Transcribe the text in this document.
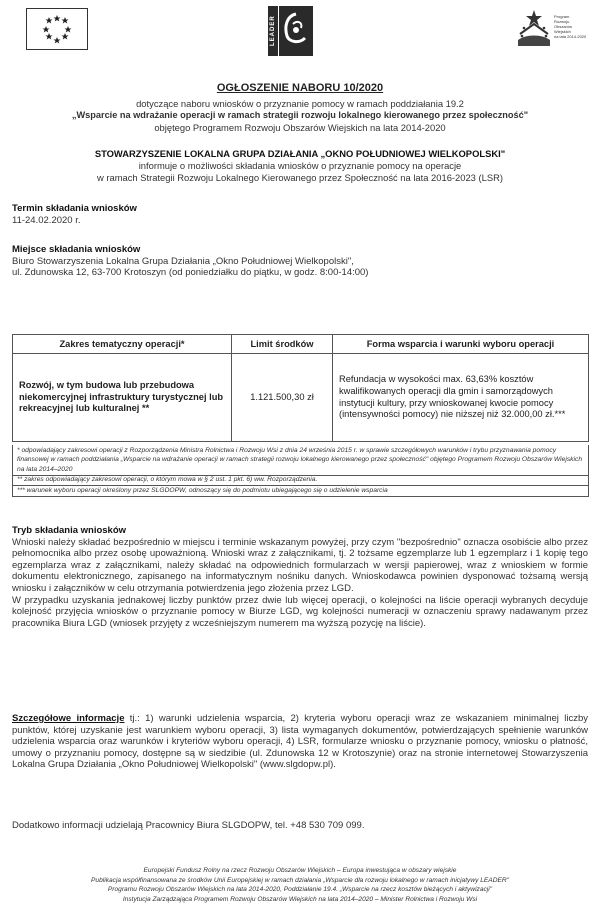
LEADER	Program
Rozwoju
Obszarów
Wiejskich
na lata 2014-2020
OGŁOSZENIE NABORU 10/2020
dotyczące naboru wniosków o przyznanie pomocy w ramach poddziałania 19.2
„Wsparcie na wdrażanie operacji w ramach strategii rozwoju lokalnego kierowanego przez społeczność"
objętego Programem Rozwoju Obszarów Wiejskich na lata 2014-2020
STOWARZYSZENIE LOKALNA GRUPA DZIAŁANIA „OKNO POŁUDNIOWEJ WIELKOPOLSKI"
informuje o możliwości składania wniosków o przyznanie pomocy na operacje
w ramach Strategii Rozwoju Lokalnego Kierowanego przez Społeczność na lata 2016-2023 (LSR)
Termin składania wniosków
11-24.02.2020 r.
Miejsce składania wniosków
Biuro Stowarzyszenia Lokalna Grupa Działania „Okno Południowej Wielkopolski",
ul. Zdunowska 12, 63-700 Krotoszyn (od poniedziałku do piątku, w godz. 8:00-14:00)
Zakres tematyczny operacji*	Limit środków	Forma wsparcia i warunki wyboru operacji
Rozwój, w tym budowa lub przebudowa niekomercyjnej infrastruktury turystycznej lub rekreacyjnej lub kulturalnej **	1.121.500,30 zł	Refundacja w wysokości max. 63,63% kosztów kwalifikowanych operacji dla gmin i samorządowych instytucji kultury, przy wnioskowanej kwocie pomocy (intensywności pomocy) nie niższej niż 32.000,00 zł.***
* odpowiadający zakresowi operacji z Rozporządzenia Ministra Rolnictwa i Rozwoju Wsi z dnia 24 września 2015 r. w sprawie szczegółowych warunków i trybu przyznawania pomocy finansowej w ramach poddziałania „Wsparcie na wdrażanie operacji w ramach strategii rozwoju lokalnego kierowanego przez społeczność" objętego Programem Rozwoju Obszarów Wiejskich na lata 2014–2020
** zakres odpowiadający zakresowi operacji, o którym mowa w § 2 ust. 1 pkt. 6) ww. Rozporządzenia.
*** warunek wyboru operacji określony przez SLGDOPW, odnoszący się do podmiotu ubiegającego się o udzielenie wsparcia
Tryb składania wniosków
Wnioski należy składać bezpośrednio w miejscu i terminie wskazanym powyżej, przy czym "bezpośrednio" oznacza osobiście albo przez pełnomocnika albo przez osobę upoważnioną. Wnioski wraz z załącznikami, tj. 2 tożsame egzemplarze lub 1 egzemplarz i 1 kopię tego egzemplarza wraz z załącznikami, należy składać na odpowiednich formularzach w wersji papierowej, wraz z wnioskiem w formie dokumentu elektronicznego, zapisanego na informatycznym nośniku danych. Wnioskodawca powinien dysponować tożsamą wersją wniosku i załączników w celu otrzymania potwierdzenia jego złożenia przez LGD.
W przypadku uzyskania jednakowej liczby punktów przez dwie lub więcej operacji, o kolejności na liście operacji wybranych decyduje kolejność przyjęcia wniosków o przyznanie pomocy w Biurze LGD, wg kolejności numeracji w oznaczeniu sprawy nadawanym przez pracownika Biura LGD (wniosek przyjęty z wcześniejszym numerem ma wyższą pozycję na liście).
Szczegółowe informacje tj.: 1) warunki udzielenia wsparcia, 2) kryteria wyboru operacji wraz ze wskazaniem minimalnej liczby punktów, której uzyskanie jest warunkiem wyboru operacji, 3) lista wymaganych dokumentów, potwierdzających spełnienie warunków udzielenia wsparcia oraz warunków i kryteriów wyboru operacji, 4) LSR, formularze wniosku o przyznanie pomocy, wniosku o płatność, umowy o przyznaniu pomocy, dostępne są w siedzibie (ul. Zdunowska 12 w Krotoszynie) oraz na stronie internetowej Stowarzyszenia Lokalna Grupa Działania „Okno Południowej Wielkopolski" (www.slgdopw.pl).
Dodatkowo informacji udzielają Pracownicy Biura SLGDOPW, tel. +48 530 709 099.
Europejski Fundusz Rolny na rzecz Rozwoju Obszarów Wiejskich – Europa inwestująca w obszary wiejskie
Publikacja współfinansowana ze środków Unii Europejskiej w ramach działania „Wsparcie dla rozwoju lokalnego w ramach inicjatywy LEADER"
Programu Rozwoju Obszarów Wiejskich na lata 2014-2020, Poddziałanie 19.4. „Wsparcie na rzecz kosztów bieżących i aktywizacji"
Instytucja Zarządzająca Programem Rozwoju Obszarów Wiejskich na lata 2014–2020 – Minister Rolnictwa i Rozwoju Wsi
